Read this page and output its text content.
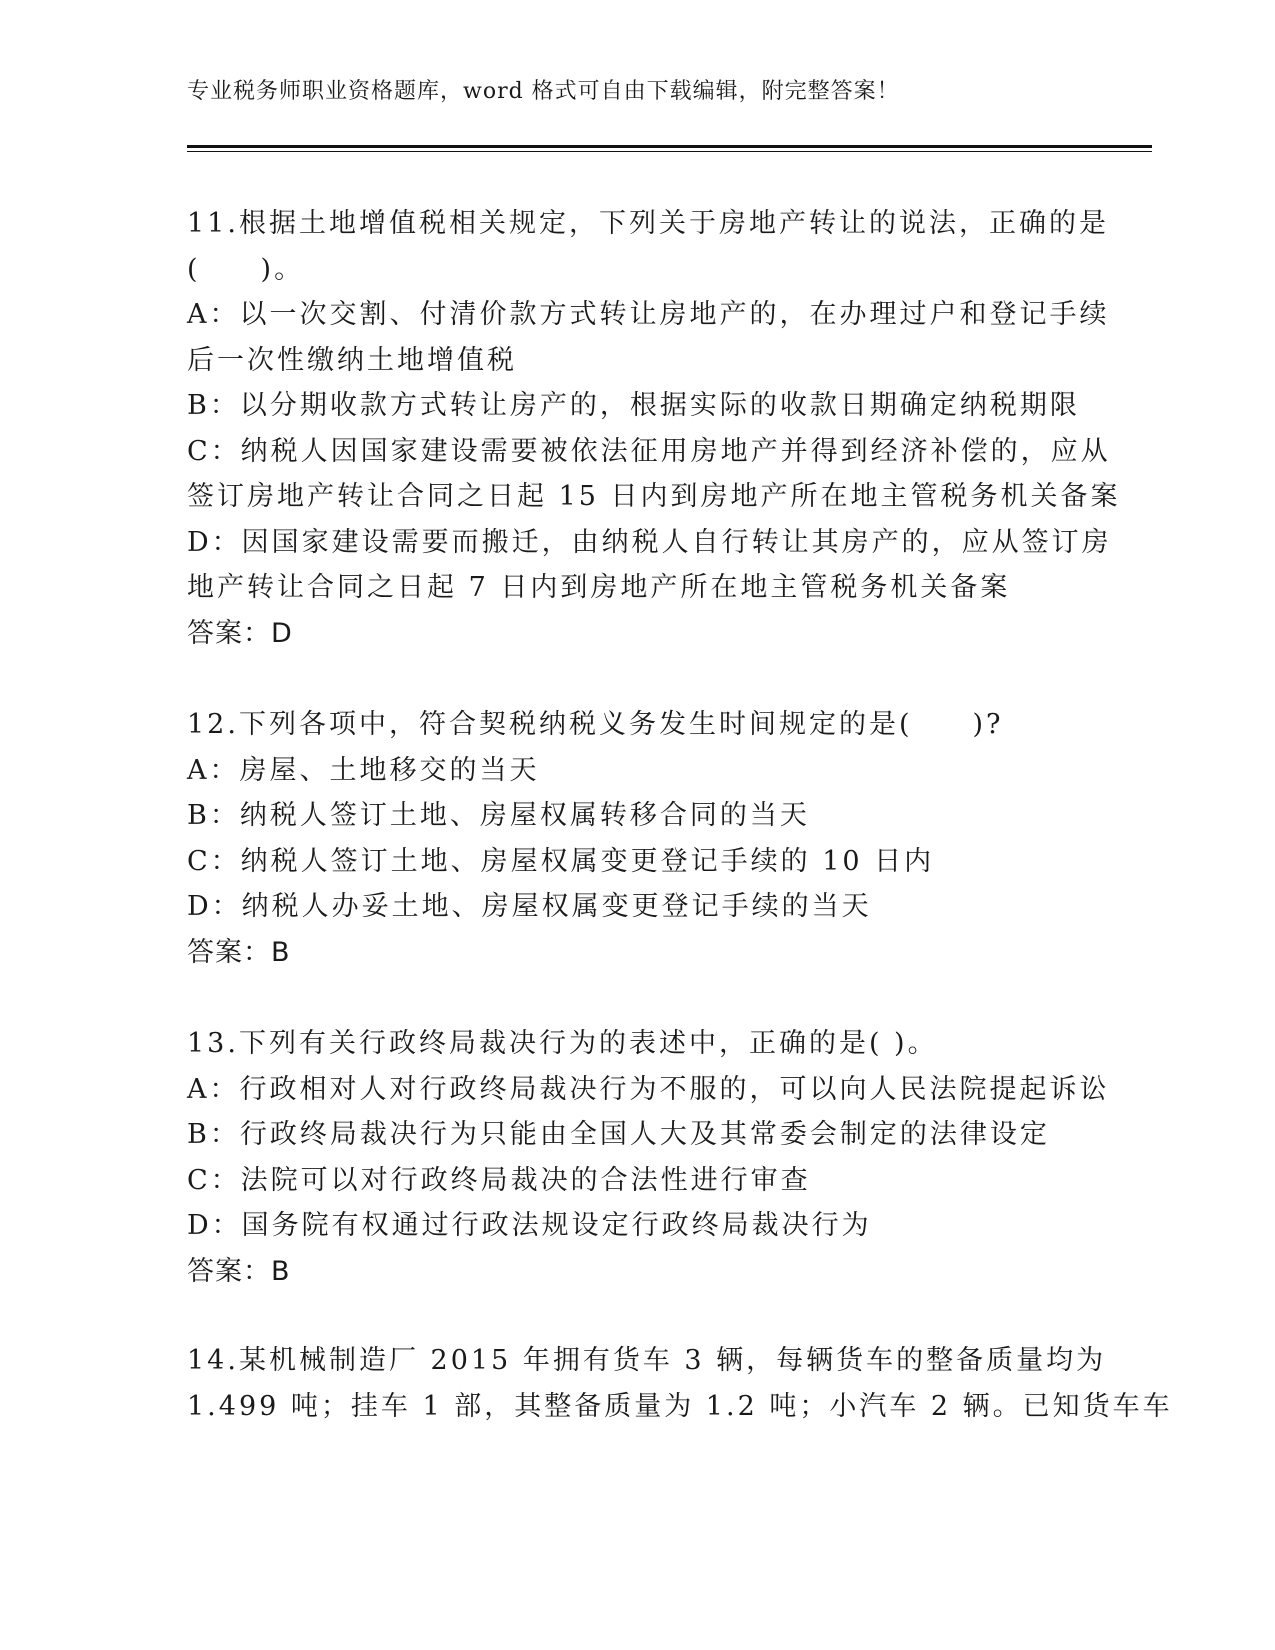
专业税务师职业资格题库，word 格式可自由下载编辑，附完整答案！
11.根据土地增值税相关规定，下列关于房地产转让的说法，正确的是
(　　)。
A：以一次交割、付清价款方式转让房地产的，在办理过户和登记手续
后一次性缴纳土地增值税
B：以分期收款方式转让房产的，根据实际的收款日期确定纳税期限
C：纳税人因国家建设需要被依法征用房地产并得到经济补偿的，应从
签订房地产转让合同之日起 15 日内到房地产所在地主管税务机关备案
D：因国家建设需要而搬迁，由纳税人自行转让其房产的，应从签订房
地产转让合同之日起 7 日内到房地产所在地主管税务机关备案
答案：D
12.下列各项中，符合契税纳税义务发生时间规定的是(　　)?
A：房屋、土地移交的当天
B：纳税人签订土地、房屋权属转移合同的当天
C：纳税人签订土地、房屋权属变更登记手续的 10 日内
D：纳税人办妥土地、房屋权属变更登记手续的当天
答案：B
13.下列有关行政终局裁决行为的表述中，正确的是( )。
A：行政相对人对行政终局裁决行为不服的，可以向人民法院提起诉讼
B：行政终局裁决行为只能由全国人大及其常委会制定的法律设定
C：法院可以对行政终局裁决的合法性进行审查
D：国务院有权通过行政法规设定行政终局裁决行为
答案：B
14.某机械制造厂 2015 年拥有货车 3 辆，每辆货车的整备质量均为
1.499 吨；挂车 1 部，其整备质量为 1.2 吨；小汽车 2 辆。已知货车车
